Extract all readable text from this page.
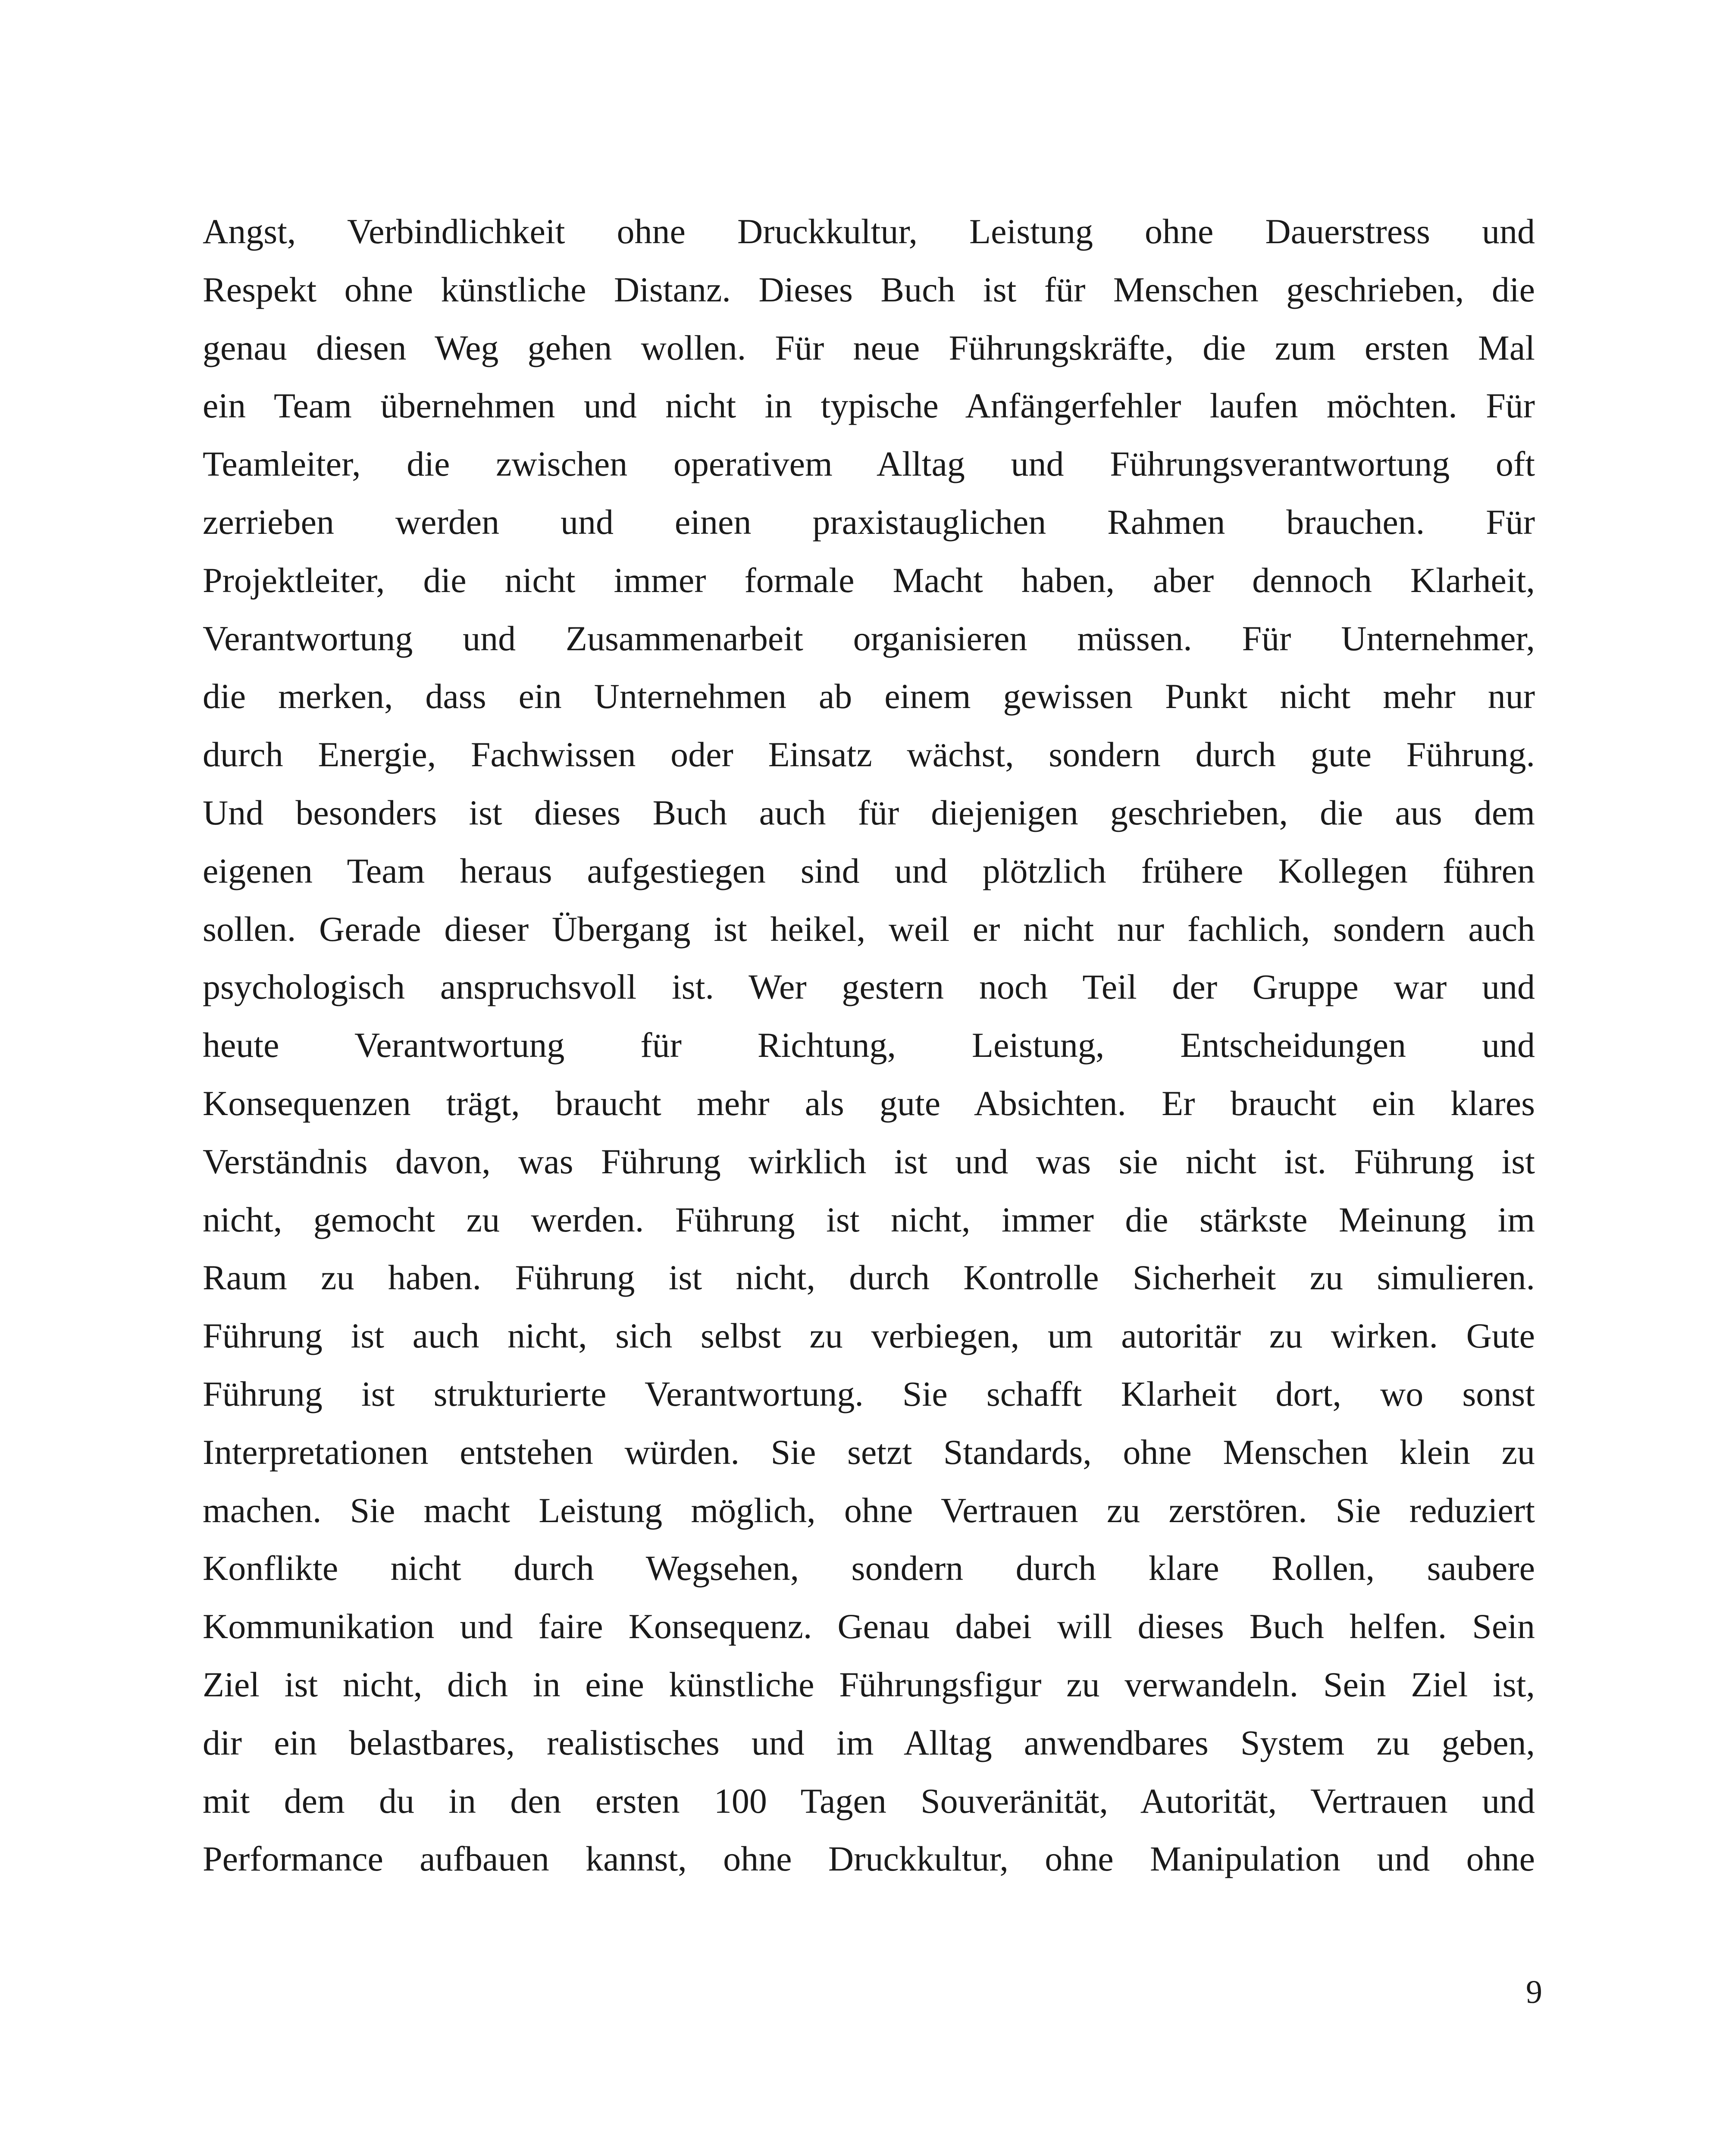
Angst, Verbindlichkeit ohne Druckkultur, Leistung ohne Dauerstress und
Respekt ohne künstliche Distanz. Dieses Buch ist für Menschen geschrieben, die
genau diesen Weg gehen wollen. Für neue Führungskräfte, die zum ersten Mal
ein Team übernehmen und nicht in typische Anfängerfehler laufen möchten. Für
Teamleiter, die zwischen operativem Alltag und Führungsverantwortung oft
zerrieben werden und einen praxistauglichen Rahmen brauchen. Für
Projektleiter, die nicht immer formale Macht haben, aber dennoch Klarheit,
Verantwortung und Zusammenarbeit organisieren müssen. Für Unternehmer,
die merken, dass ein Unternehmen ab einem gewissen Punkt nicht mehr nur
durch Energie, Fachwissen oder Einsatz wächst, sondern durch gute Führung.
Und besonders ist dieses Buch auch für diejenigen geschrieben, die aus dem
eigenen Team heraus aufgestiegen sind und plötzlich frühere Kollegen führen
sollen. Gerade dieser Übergang ist heikel, weil er nicht nur fachlich, sondern auch
psychologisch anspruchsvoll ist. Wer gestern noch Teil der Gruppe war und
heute Verantwortung für Richtung, Leistung, Entscheidungen und
Konsequenzen trägt, braucht mehr als gute Absichten. Er braucht ein klares
Verständnis davon, was Führung wirklich ist und was sie nicht ist. Führung ist
nicht, gemocht zu werden. Führung ist nicht, immer die stärkste Meinung im
Raum zu haben. Führung ist nicht, durch Kontrolle Sicherheit zu simulieren.
Führung ist auch nicht, sich selbst zu verbiegen, um autoritär zu wirken. Gute
Führung ist strukturierte Verantwortung. Sie schafft Klarheit dort, wo sonst
Interpretationen entstehen würden. Sie setzt Standards, ohne Menschen klein zu
machen. Sie macht Leistung möglich, ohne Vertrauen zu zerstören. Sie reduziert
Konflikte nicht durch Wegsehen, sondern durch klare Rollen, saubere
Kommunikation und faire Konsequenz. Genau dabei will dieses Buch helfen. Sein
Ziel ist nicht, dich in eine künstliche Führungsfigur zu verwandeln. Sein Ziel ist,
dir ein belastbares, realistisches und im Alltag anwendbares System zu geben,
mit dem du in den ersten 100 Tagen Souveränität, Autorität, Vertrauen und
Performance aufbauen kannst, ohne Druckkultur, ohne Manipulation und ohne
9
